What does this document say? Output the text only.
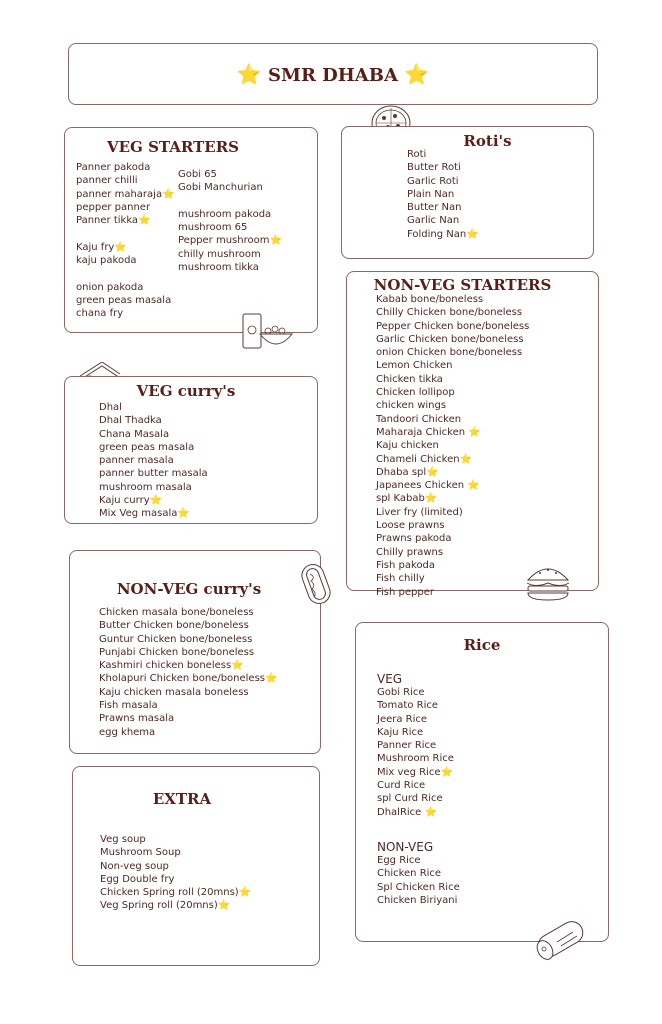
⭐ SMR DHABA ⭐
VEG STARTERS
Panner pakoda
panner chilli
panner maharaja⭐
pepper panner
Panner tikka⭐

Kaju fry⭐
kaju pakoda

onion pakoda
green peas masala
chana fry
Gobi 65
Gobi Manchurian

mushroom pakoda
mushroom 65
Pepper mushroom⭐
chilly mushroom
mushroom tikka
Roti's
Roti
Butter Roti
Garlic Roti
Plain Nan
Butter Nan
Garlic Nan
Folding Nan⭐
NON-VEG STARTERS
Kabab bone/boneless
Chilly Chicken bone/boneless
Pepper Chicken bone/boneless
Garlic Chicken bone/boneless
onion Chicken bone/boneless
Lemon Chicken
Chicken tikka
Chicken lollipop
chicken wings
Tandoori Chicken
Maharaja Chicken ⭐
Kaju chicken
Chameli Chicken⭐
Dhaba spl⭐
Japanees Chicken ⭐
spl Kabab⭐
Liver fry (limited)
Loose prawns
Prawns pakoda
Chilly prawns
Fish pakoda
Fish chilly
Fish pepper
VEG curry's
Dhal
Dhal Thadka
Chana Masala
green peas masala
panner masala
panner butter masala
mushroom masala
Kaju curry⭐
Mix Veg masala⭐
NON-VEG curry's
Chicken masala bone/boneless
Butter Chicken bone/boneless
Guntur Chicken bone/boneless
Punjabi Chicken bone/boneless
Kashmiri chicken boneless⭐
Kholapuri Chicken bone/boneless⭐
Kaju chicken masala boneless
Fish masala
Prawns masala
egg khema
EXTRA
Veg soup
Mushroom Soup
Non-veg soup
Egg Double fry
Chicken Spring roll (20mns)⭐
Veg Spring roll (20mns)⭐
Rice
VEG
Gobi Rice
Tomato Rice
Jeera Rice
Kaju Rice
Panner Rice
Mushroom Rice
Mix veg Rice⭐
Curd Rice
spl Curd Rice
DhalRice ⭐
NON-VEG
Egg Rice
Chicken Rice
Spl Chicken Rice
Chicken Biriyani
